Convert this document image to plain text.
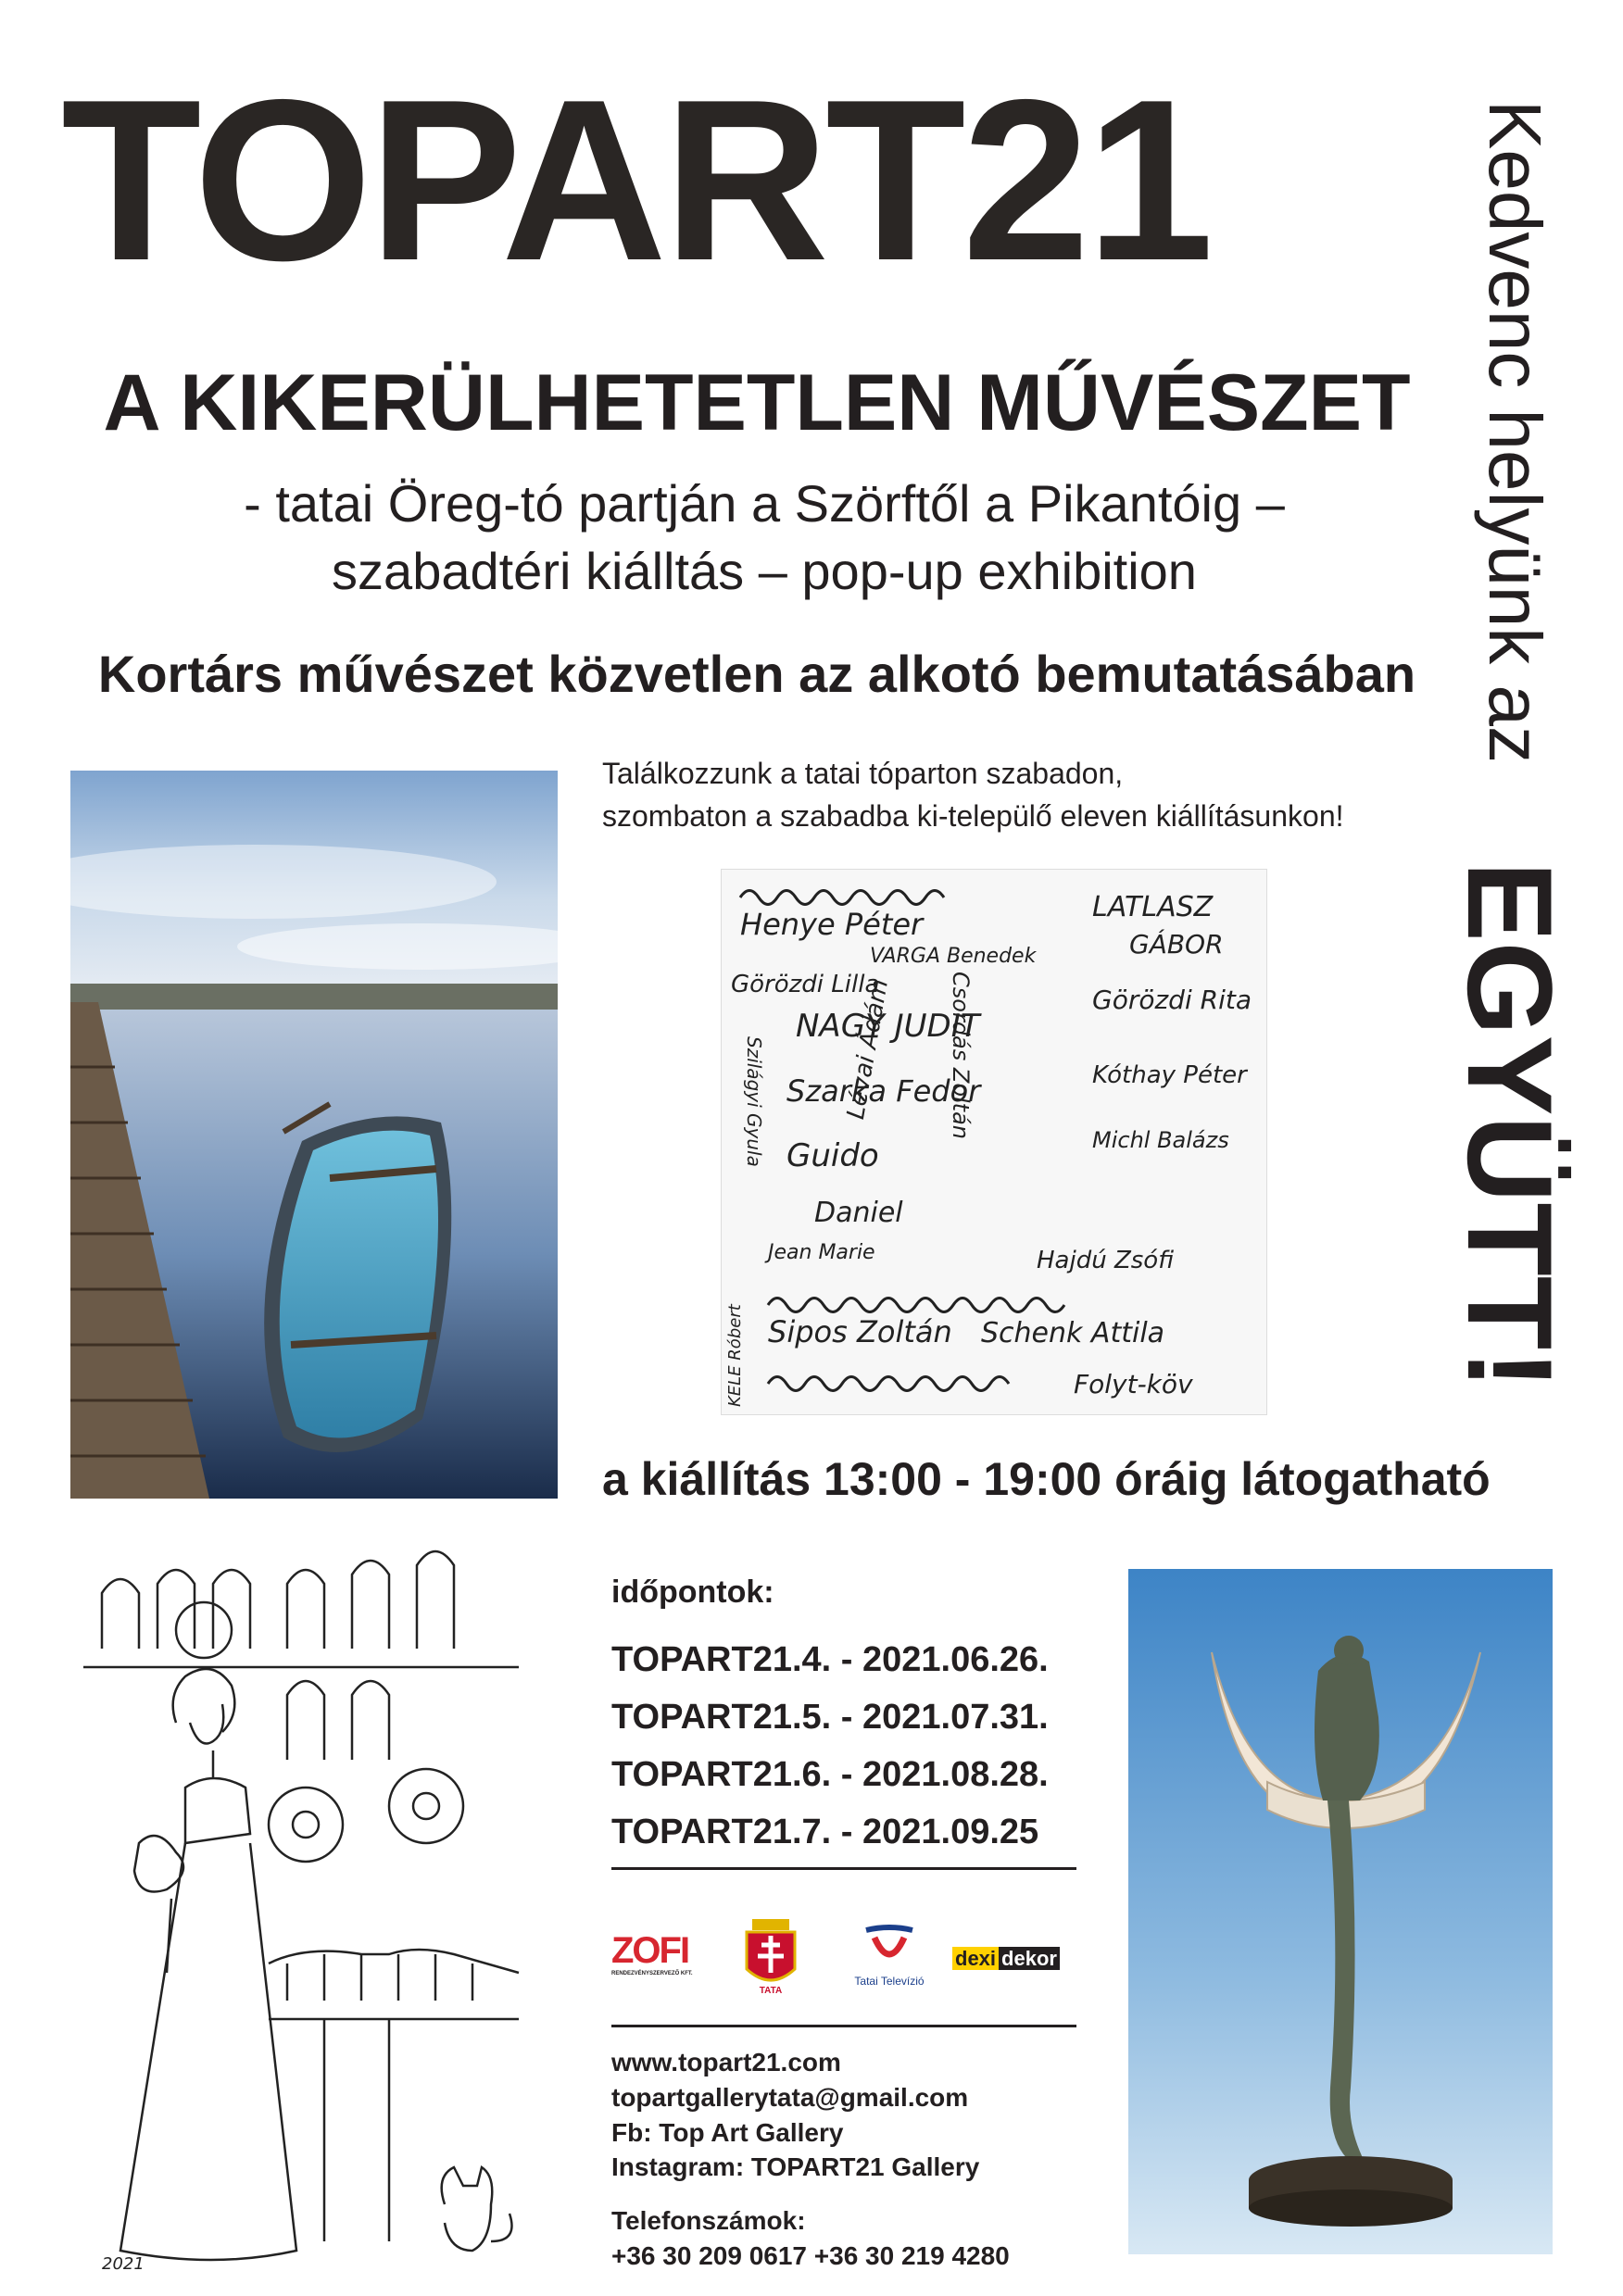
TOPART21
A KIKERÜLHETETLEN MŰVÉSZET
- tatai Öreg-tó partján a Szörftől a Pikantóig –
szabadtéri kiálltás – pop-up exhibition
Kortárs művészet közvetlen az alkotó bemutatásában Kedvenc helyünk az
EGYÜTT!
Találkozzunk a tatai tóparton szabadon,
szombaton a szabadba ki-települő eleven kiállításunkon!
Henye Péter	LATLASZ
GÁBOR
VARGA Benedek
Görözdi Lilla
NAGY JUDIT
Görözdi Rita
Szarka Fedor	Kóthay Péter
Guido	Michl Balázs
Daniel
Jean Marie	Hajdú Zsófi
Sipos Zoltán Schenk Attila
Folyt-köv
KELE Róbert
Szilágyi Gyula	Csordás Zoltán
Lévai Ádám
a kiállítás 13:00 - 19:00 óráig látogatható
2021
időpontok:
TOPART21.4. - 2021.06.26.
TOPART21.5. - 2021.07.31.
TOPART21.6. - 2021.08.28.
TOPART21.7. - 2021.09.25
ZOFI
RENDEZVÉNYSZERVEZŐ KFT.
TATA
Tatai Televízió
dexi dekor
www.topart21.com
topartgallerytata@gmail.com
Fb: Top Art Gallery
Instagram: TOPART21 Gallery
Telefonszámok:
+36 30 209 0617 +36 30 219 4280
